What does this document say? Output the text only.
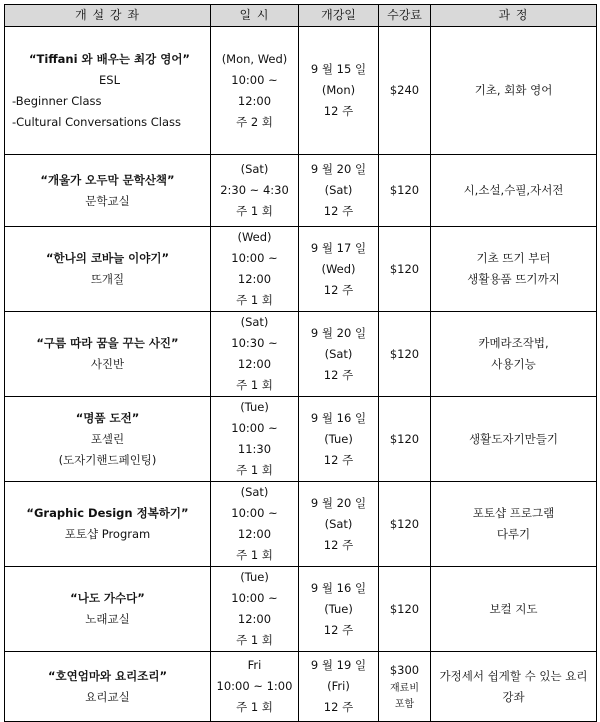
개 설 강 좌	일 시	개강일	수강료	과 정

“Tiffani 와 배우는 최강 영어”
ESL
-Beginner Class
-Cultural Conversations Class	(Mon, Wed)
10:00 ~
12:00
주 2 회	9 월 15 일
(Mon)
12 주	$240	기초, 회화 영어

“개울가 오두막 문학산책”
문학교실	(Sat)
2:30 ~ 4:30
주 1 회	9 월 20 일
(Sat)
12 주	$120	시,소설,수필,자서전

“한나의 코바늘 이야기”
뜨개질	(Wed)
10:00 ~
12:00
주 1 회	9 월 17 일
(Wed)
12 주	$120	기초 뜨기 부터
생활용품 뜨기까지

“구름 따라 꿈을 꾸는 사진”
사진반	(Sat)
10:30 ~
12:00
주 1 회	9 월 20 일
(Sat)
12 주	$120	카메라조작법,
사용기능

“명품 도전”
포셀린
(도자기핸드페인팅)	(Tue)
10:00 ~
11:30
주 1 회	9 월 16 일
(Tue)
12 주	$120	생활도자기만들기

“Graphic Design 정복하기”
포토샵 Program	(Sat)
10:00 ~
12:00
주 1 회	9 월 20 일
(Sat)
12 주	$120	포토샵 프로그램
다루기

“나도 가수다”
노래교실	(Tue)
10:00 ~
12:00
주 1 회	9 월 16 일
(Tue)
12 주	$120	보컬 지도

“호연엄마와 요리조리”
요리교실	Fri
10:00 ~ 1:00
주 1 회	9 월 19 일
(Fri)
12 주	$300
재료비
포함	가정세서 쉽게할 수 있는 요리
강좌
